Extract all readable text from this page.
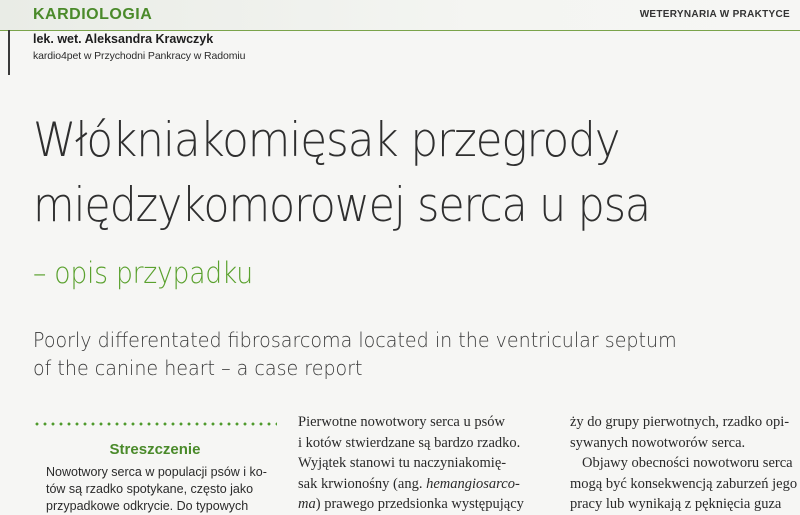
KARDIOLOGIA	WETERYNARIA W PRAKTYCE
lek. wet. Aleksandra Krawczyk
kardio4pet w Przychodni Pankracy w Radomiu
Włókniakomięsak przegrody
międzykomorowej serca u psa
– opis przypadku
Poorly differentated fibrosarcoma located in the ventricular septum
of the canine heart – a case report
Streszczenie
Nowotwory serca w populacji psów i ko-
tów są rzadko spotykane, często jako
przypadkowe odkrycie. Do typowych
Pierwotne nowotwory serca u psów
i kotów stwierdzane są bardzo rzadko.
Wyjątek stanowi tu naczyniakomię-
sak krwionośny (ang. hemangiosarco-
ma) prawego przedsionka występujący
ży do grupy pierwotnych, rzadko opi-
sywanych nowotworów serca.
Objawy obecności nowotworu serca
mogą być konsekwencją zaburzeń jego
pracy lub wynikają z pęknięcia guza
